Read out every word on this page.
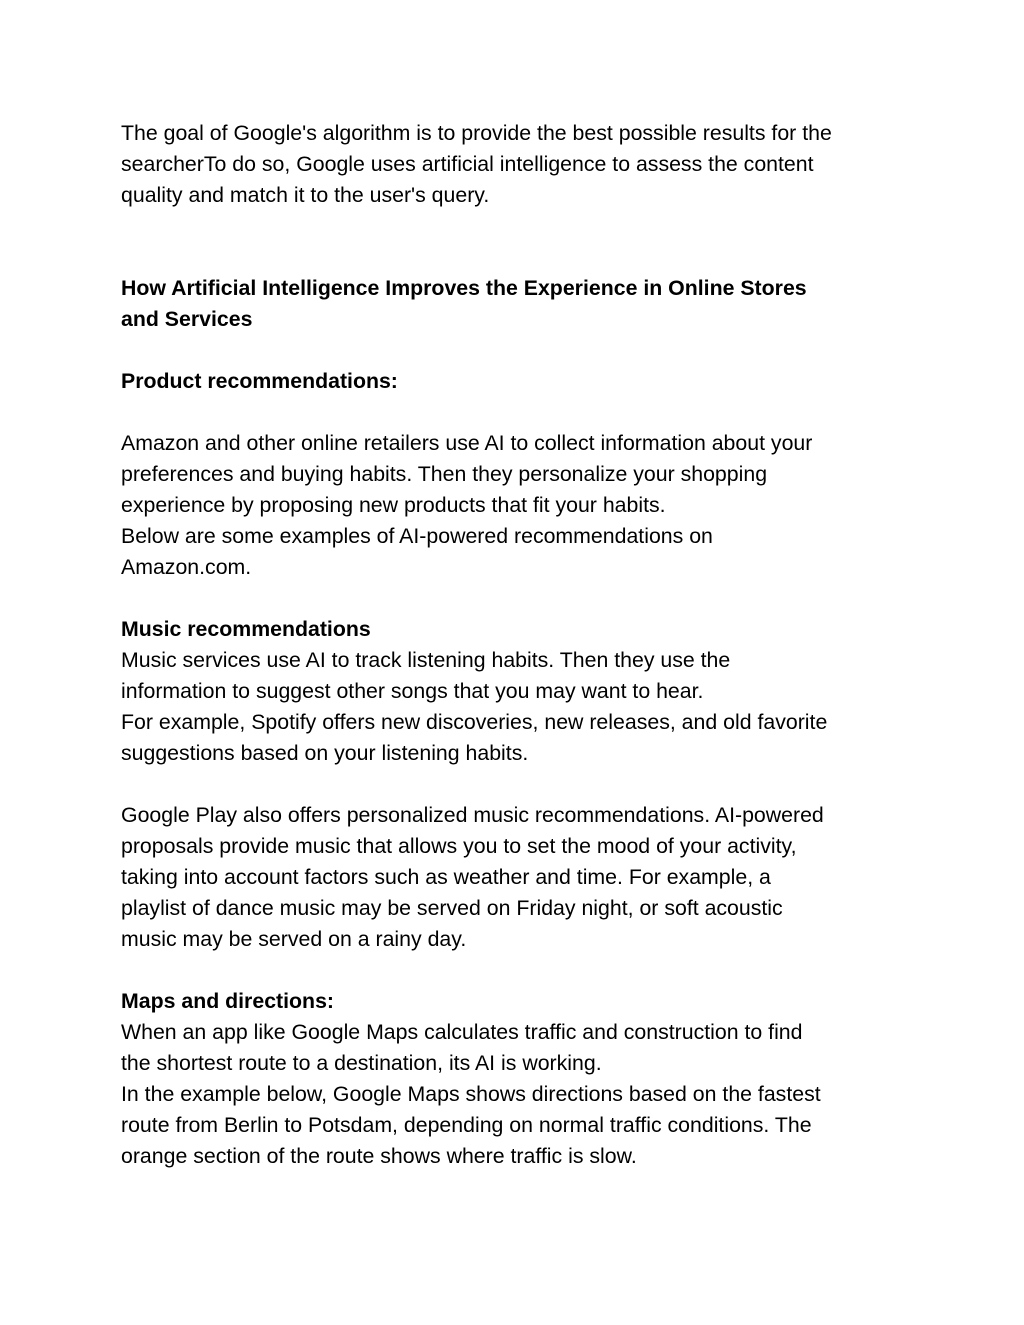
The goal of Google's algorithm is to provide the best possible results for the
searcherTo do so, Google uses artificial intelligence to assess the content
quality and match it to the user's query.

How Artificial Intelligence Improves the Experience in Online Stores
and Services
Product recommendations:

Amazon and other online retailers use AI to collect information about your
preferences and buying habits. Then they personalize your shopping
experience by proposing new products that fit your habits.
Below are some examples of AI-powered recommendations on
Amazon.com.

Music recommendations

Music services use AI to track listening habits. Then they use the
information to suggest other songs that you may want to hear.
For example, Spotify offers new discoveries, new releases, and old favorite
suggestions based on your listening habits.

Google Play also offers personalized music recommendations. AI-powered
proposals provide music that allows you to set the mood of your activity,
taking into account factors such as weather and time. For example, a
playlist of dance music may be served on Friday night, or soft acoustic
music may be served on a rainy day.

Maps and directions:

When an app like Google Maps calculates traffic and construction to find
the shortest route to a destination, its AI is working.
In the example below, Google Maps shows directions based on the fastest
route from Berlin to Potsdam, depending on normal traffic conditions. The
orange section of the route shows where traffic is slow.
